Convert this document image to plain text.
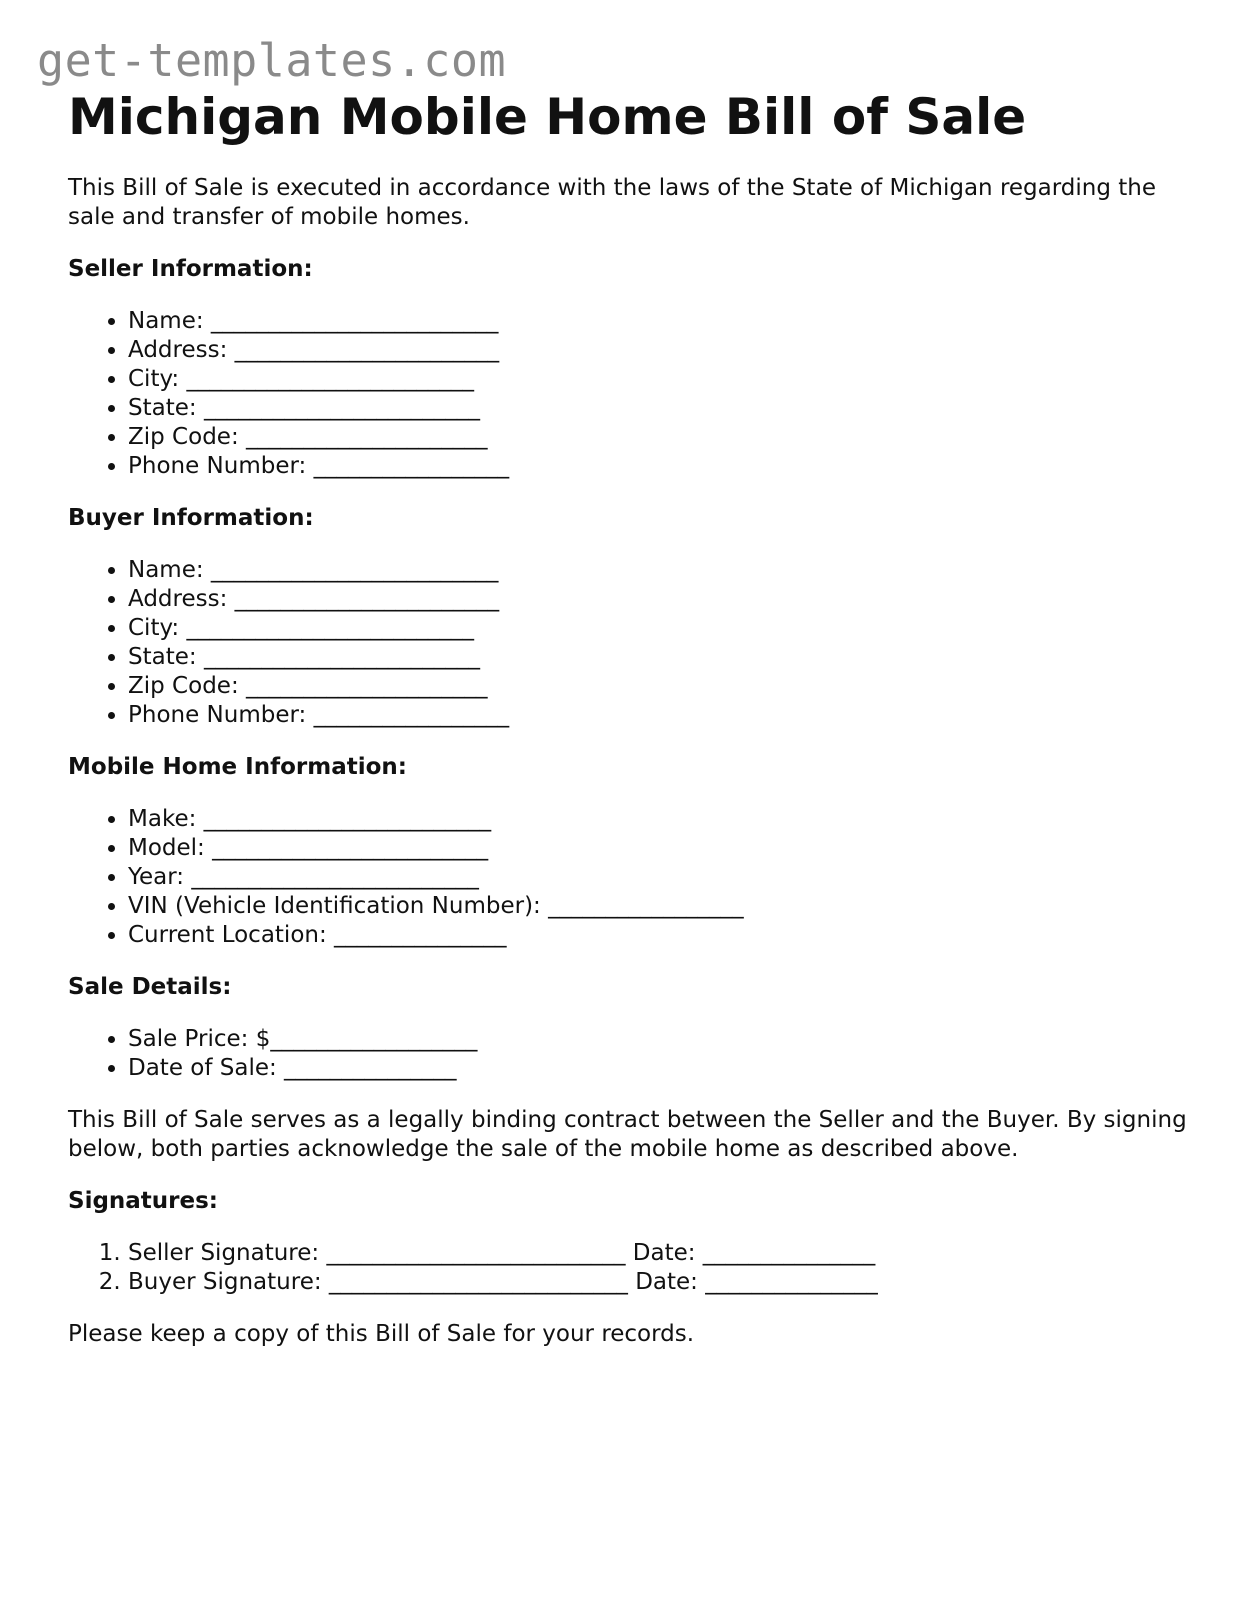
get-templates.com
Michigan Mobile Home Bill of Sale

This Bill of Sale is executed in accordance with the laws of the State of Michigan regarding the sale and transfer of mobile homes.

Seller Information:
• Name: _________________________
• Address: _______________________
• City: _________________________
• State: ________________________
• Zip Code: _____________________
• Phone Number: _________________
Buyer Information:
• Name: _________________________
• Address: _______________________
• City: _________________________
• State: ________________________
• Zip Code: _____________________
• Phone Number: _________________
Mobile Home Information:
• Make: _________________________
• Model: ________________________
• Year: _________________________
• VIN (Vehicle Identification Number): _________________
• Current Location: _______________
Sale Details:
• Sale Price: $__________________
• Date of Sale: _______________

This Bill of Sale serves as a legally binding contract between the Seller and the Buyer. By signing below, both parties acknowledge the sale of the mobile home as described above.

Signatures:
1. Seller Signature: __________________________ Date: _______________
2. Buyer Signature: __________________________ Date: _______________

Please keep a copy of this Bill of Sale for your records.
